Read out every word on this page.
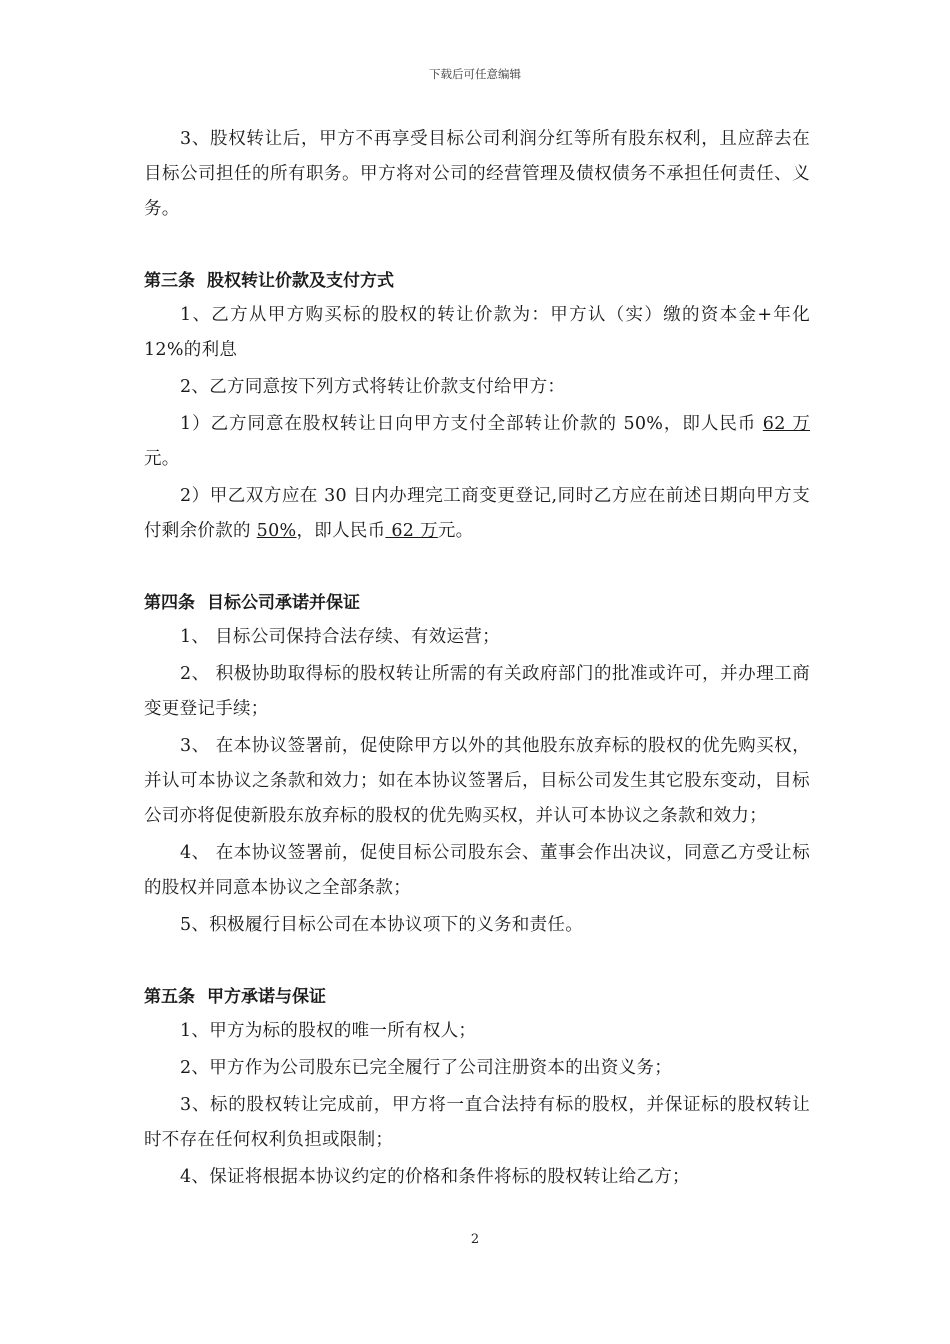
下载后可任意编辑

3、股权转让后，甲方不再享受目标公司利润分红等所有股东权利，且应辞去在目标公司担任的所有职务。甲方将对公司的经营管理及债权债务不承担任何责任、义务。

第三条 股权转让价款及支付方式

1、乙方从甲方购买标的股权的转让价款为：甲方认（实）缴的资本金+年化 12%的利息

2、乙方同意按下列方式将转让价款支付给甲方：

1）乙方同意在股权转让日向甲方支付全部转让价款的 50%，即人民币 62 万元。

2）甲乙双方应在 30 日内办理完工商变更登记,同时乙方应在前述日期向甲方支付剩余价款的 50%，即人民币 62 万元。

第四条 目标公司承诺并保证

1、 目标公司保持合法存续、有效运营；

2、 积极协助取得标的股权转让所需的有关政府部门的批准或许可，并办理工商变更登记手续；

3、 在本协议签署前，促使除甲方以外的其他股东放弃标的股权的优先购买权，并认可本协议之条款和效力；如在本协议签署后，目标公司发生其它股东变动，目标公司亦将促使新股东放弃标的股权的优先购买权，并认可本协议之条款和效力；

4、 在本协议签署前，促使目标公司股东会、董事会作出决议，同意乙方受让标的股权并同意本协议之全部条款；

5、积极履行目标公司在本协议项下的义务和责任。

第五条 甲方承诺与保证

1、甲方为标的股权的唯一所有权人；

2、甲方作为公司股东已完全履行了公司注册资本的出资义务；

3、标的股权转让完成前，甲方将一直合法持有标的股权，并保证标的股权转让时不存在任何权利负担或限制；

4、保证将根据本协议约定的价格和条件将标的股权转让给乙方；

2
